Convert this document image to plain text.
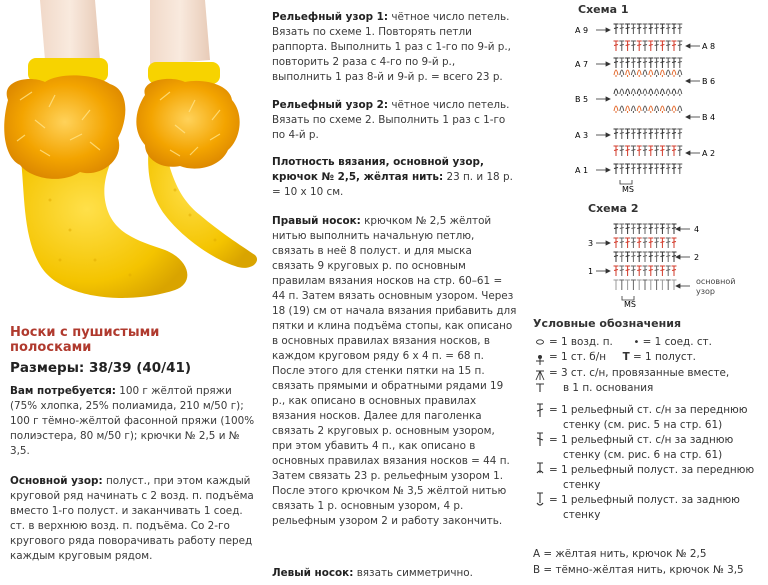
Носки с пушистыми полосками
Размеры: 38/39 (40/41)
Вам потребуется: 100 г жёлтой пряжи (75% хлопка, 25% полиамида, 210 м/50 г); 100 г тёмно-жёлтой фасонной пряжи (100% полиэстера, 80 м/50 г); крючки № 2,5 и № 3,5.
Основной узор: полуст., при этом каждый круговой ряд начинать с 2 возд. п. подъёма вместо 1-го полуст. и заканчивать 1 соед. ст. в верхнюю возд. п. подъёма. Со 2-го кругового ряда поворачивать работу перед каждым круговым рядом.
Рельефный узор 1: чётное число петель. Вязать по схеме 1. Повторять петли раппорта. Выполнить 1 раз с 1-го по 9-й р., повторить 2 раза с 4-го по 9-й р., выполнить 1 раз 8-й и 9-й р. = всего 23 р.
Рельефный узор 2: чётное число петель. Вязать по схеме 2. Выполнить 1 раз с 1-го по 4-й р.
Плотность вязания, основной узор, крючок № 2,5, жёлтая нить: 23 п. и 18 р. = 10 х 10 см.
Правый носок: крючком № 2,5 жёлтой нитью выполнить начальную петлю, связать в неё 8 полуст. и для мыска связать 9 круговых р. по основным правилам вязания носков на стр. 60–61 = 44 п. Затем вязать основным узором. Через 18 (19) см от начала вязания прибавить для пятки и клина подъёма стопы, как описано в основных правилах вязания носков, в каждом круговом ряду 6 х 4 п. = 68 п. После этого для стенки пятки на 15 п. связать прямыми и обратными рядами 19 р., как описано в основных правилах вязания носков. Далее для паголенка связать 2 круговых р. основным узором, при этом убавить 4 п., как описано в основных правилах вязания носков = 44 п. Затем связать 23 р. рельефным узором 1. После этого крючком № 3,5 жёлтой нитью связать 1 р. основным узором, 4 р. рельефным узором 2 и работу закончить.
Левый носок: вязать симметрично.
Схема 1
A 9
A 7
B 5
A 3
A 1
A 8
B 6
B 4
A 2
MS
Схема 2
3
1
4
2
MS
основной
узор
Условные обозначения
= 1 возд. п. • = 1 соед. ст.
= 1 ст. б/н Т = 1 полуст.
= 3 ст. с/н, провязанные вместе,
в 1 п. основания
= 1 рельефный ст. с/н за переднюю
стенку (см. рис. 5 на стр. 61)
= 1 рельефный ст. с/н за заднюю
стенку (см. рис. 6 на стр. 61)
= 1 рельефный полуст. за переднюю
стенку
= 1 рельефный полуст. за заднюю
стенку
А = жёлтая нить, крючок № 2,5
В = тёмно-жёлтая нить, крючок № 3,5
